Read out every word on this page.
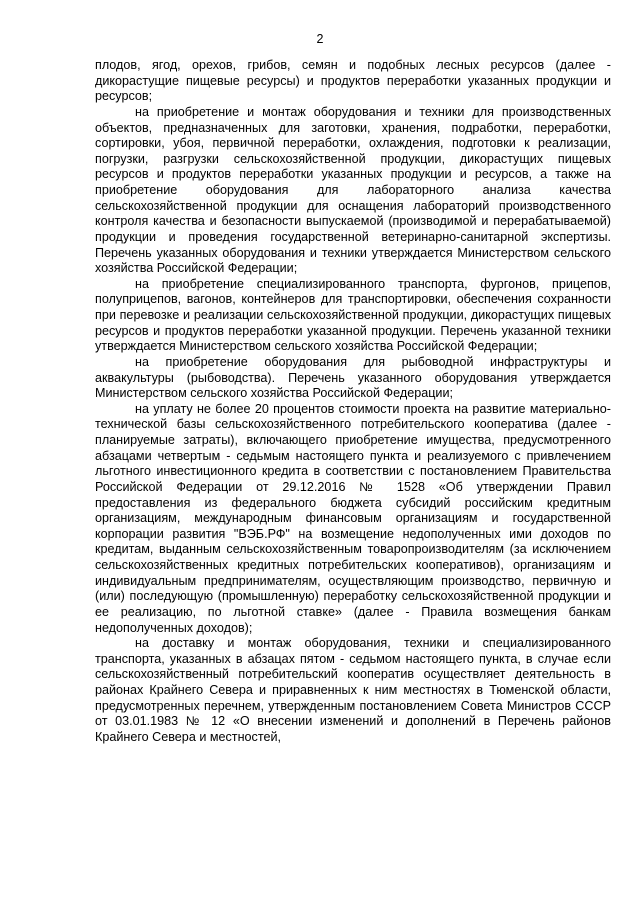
2

плодов, ягод, орехов, грибов, семян и подобных лесных ресурсов (далее - дикорастущие пищевые ресурсы) и продуктов переработки указанных продукции и ресурсов;

на приобретение и монтаж оборудования и техники для производственных объектов, предназначенных для заготовки, хранения, подработки, переработки, сортировки, убоя, первичной переработки, охлаждения, подготовки к реализации, погрузки, разгрузки сельскохозяйственной продукции, дикорастущих пищевых ресурсов и продуктов переработки указанных продукции и ресурсов, а также на приобретение оборудования для лабораторного анализа качества сельскохозяйственной продукции для оснащения лабораторий производственного контроля качества и безопасности выпускаемой (производимой и перерабатываемой) продукции и проведения государственной ветеринарно-санитарной экспертизы. Перечень указанных оборудования и техники утверждается Министерством сельского хозяйства Российской Федерации;

на приобретение специализированного транспорта, фургонов, прицепов, полуприцепов, вагонов, контейнеров для транспортировки, обеспечения сохранности при перевозке и реализации сельскохозяйственной продукции, дикорастущих пищевых ресурсов и продуктов переработки указанной продукции. Перечень указанной техники утверждается Министерством сельского хозяйства Российской Федерации;

на приобретение оборудования для рыбоводной инфраструктуры и аквакультуры (рыбоводства). Перечень указанного оборудования утверждается Министерством сельского хозяйства Российской Федерации;

на уплату не более 20 процентов стоимости проекта на развитие материально-технической базы сельскохозяйственного потребительского кооператива (далее - планируемые затраты), включающего приобретение имущества, предусмотренного абзацами четвертым - седьмым настоящего пункта и реализуемого с привлечением льготного инвестиционного кредита в соответствии с постановлением Правительства Российской Федерации от 29.12.2016 № 1528 «Об утверждении Правил предоставления из федерального бюджета субсидий российским кредитным организациям, международным финансовым организациям и государственной корпорации развития "ВЭБ.РФ" на возмещение недополученных ими доходов по кредитам, выданным сельскохозяйственным товаропроизводителям (за исключением сельскохозяйственных кредитных потребительских кооперативов), организациям и индивидуальным предпринимателям, осуществляющим производство, первичную и (или) последующую (промышленную) переработку сельскохозяйственной продукции и ее реализацию, по льготной ставке» (далее - Правила возмещения банкам недополученных доходов);

на доставку и монтаж оборудования, техники и специализированного транспорта, указанных в абзацах пятом - седьмом настоящего пункта, в случае если сельскохозяйственный потребительский кооператив осуществляет деятельность в районах Крайнего Севера и приравненных к ним местностях в Тюменской области, предусмотренных перечнем, утвержденным постановлением Совета Министров СССР от 03.01.1983 № 12 «О внесении изменений и дополнений в Перечень районов Крайнего Севера и местностей,
